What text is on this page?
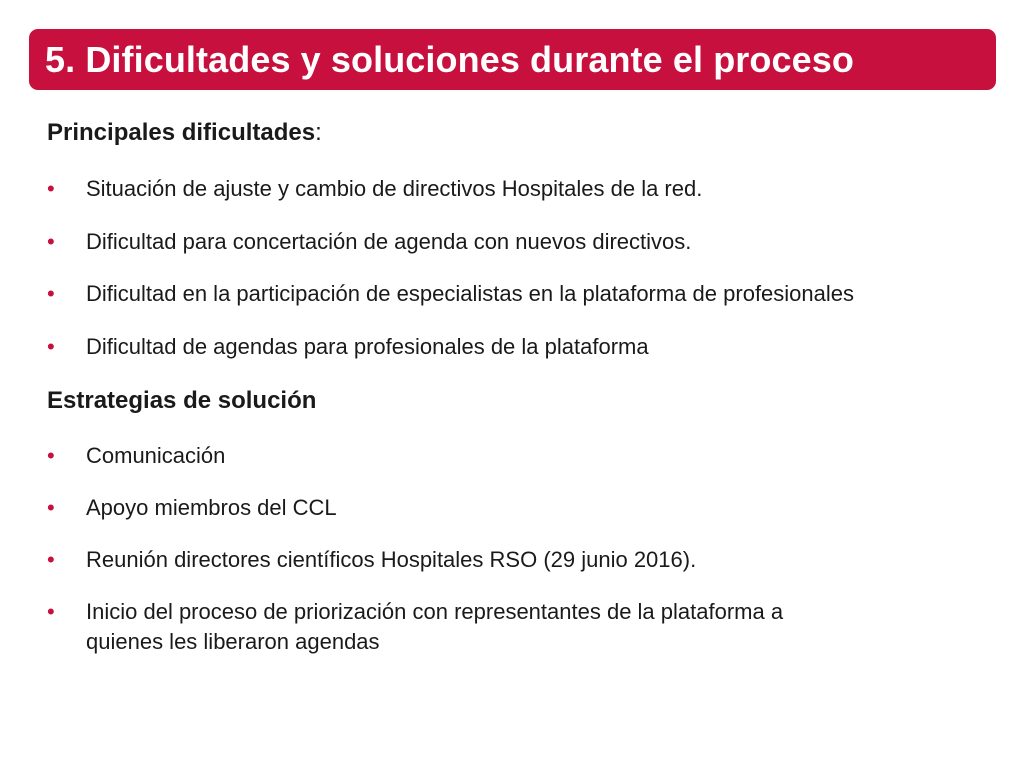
5. Dificultades y soluciones durante el proceso
Principales dificultades:
•	Situación de ajuste y cambio de directivos Hospitales de la red.
•	Dificultad para concertación de agenda con nuevos directivos.
•	Dificultad en la participación de especialistas en la plataforma de profesionales
•	Dificultad de agendas para profesionales de la plataforma
Estrategias de solución
•	Comunicación
•	Apoyo miembros del CCL
•	Reunión directores científicos Hospitales RSO (29 junio 2016).
•	Inicio del proceso de priorización con representantes de la plataforma a
quienes les liberaron agendas
